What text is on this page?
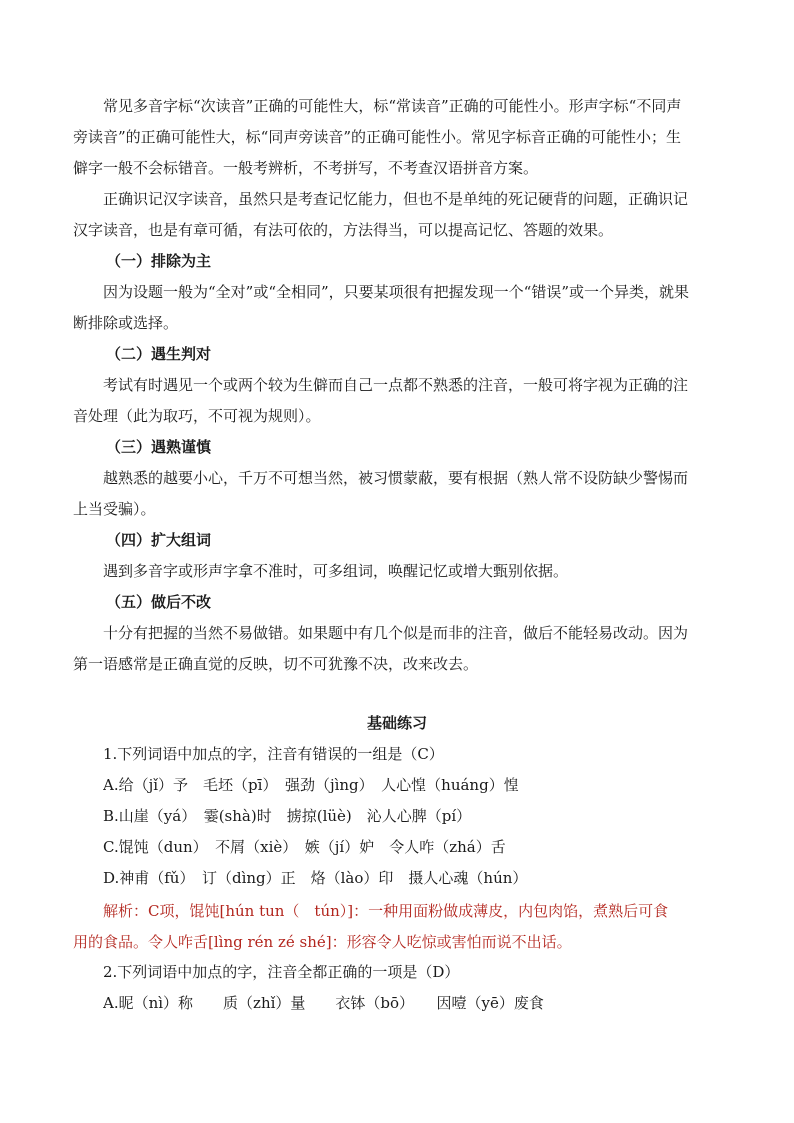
常见多音字标“次读音”正确的可能性大，标“常读音”正确的可能性小。形声字标“不同声
旁读音”的正确可能性大，标“同声旁读音”的正确可能性小。常见字标音正确的可能性小；生
僻字一般不会标错音。一般考辨析，不考拼写，不考查汉语拼音方案。
正确识记汉字读音，虽然只是考查记忆能力，但也不是单纯的死记硬背的问题，正确识记
汉字读音，也是有章可循，有法可依的，方法得当，可以提高记忆、答题的效果。
（一）排除为主
因为设题一般为“全对”或“全相同”，只要某项很有把握发现一个“错误”或一个异类，就果
断排除或选择。
（二）遇生判对
考试有时遇见一个或两个较为生僻而自己一点都不熟悉的注音，一般可将字视为正确的注
音处理（此为取巧，不可视为规则）。
（三）遇熟谨慎
越熟悉的越要小心，千万不可想当然，被习惯蒙蔽，要有根据（熟人常不设防缺少警惕而
上当受骗）。
（四）扩大组词
遇到多音字或形声字拿不准时，可多组词，唤醒记忆或增大甄别依据。
（五）做后不改
十分有把握的当然不易做错。如果题中有几个似是而非的注音，做后不能轻易改动。因为
第一语感常是正确直觉的反映，切不可犹豫不决，改来改去。
基础练习
1.下列词语中加点的字，注音有错误的一组是（C）
A.给（jǐ）予　毛坯（pī）　强劲（jìng）　人心惶（huáng）惶
B.山崖（yá）　霎(shà)时　掳掠(lüè)　沁人心脾（pí）
C.馄饨（dun）　不屑（xiè）　嫉（jí）妒　令人咋（zhá）舌
D.神甫（fǔ）　订（dìng）正　烙（lào）印　摄人心魂（hún）
解析：C项，馄饨[hún tun（　tún）]：一种用面粉做成薄皮，内包肉馅，煮熟后可食
用的食品。令人咋舌[lìng rén zé shé]：形容令人吃惊或害怕而说不出话。
2.下列词语中加点的字，注音全都正确的一项是（D）
A.昵（nì）称　　质（zhǐ）量　　衣钵（bō）　　因噎（yē）废食
